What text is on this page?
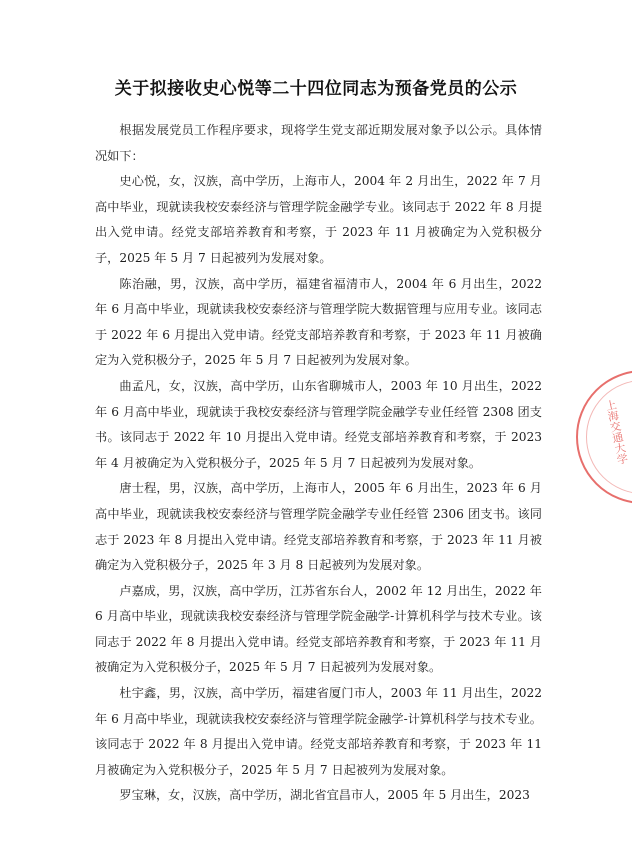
关于拟接收史心悦等二十四位同志为预备党员的公示

根据发展党员工作程序要求，现将学生党支部近期发展对象予以公示。具体情况如下：

史心悦，女，汉族，高中学历，上海市人，2004 年 2 月出生，2022 年 7 月高中毕业，现就读我校安泰经济与管理学院金融学专业。该同志于 2022 年 8 月提出入党申请。经党支部培养教育和考察，于 2023 年 11 月被确定为入党积极分子，2025 年 5 月 7 日起被列为发展对象。

陈治融，男，汉族，高中学历，福建省福清市人，2004 年 6 月出生，2022 年 6 月高中毕业，现就读我校安泰经济与管理学院大数据管理与应用专业。该同志于 2022 年 6 月提出入党申请。经党支部培养教育和考察，于 2023 年 11 月被确定为入党积极分子，2025 年 5 月 7 日起被列为发展对象。

曲孟凡，女，汉族，高中学历，山东省聊城市人，2003 年 10 月出生，2022 年 6 月高中毕业，现就读于我校安泰经济与管理学院金融学专业任经管 2308 团支书。该同志于 2022 年 10 月提出入党申请。经党支部培养教育和考察，于 2023 年 4 月被确定为入党积极分子，2025 年 5 月 7 日起被列为发展对象。

唐士程，男，汉族，高中学历，上海市人，2005 年 6 月出生，2023 年 6 月高中毕业，现就读我校安泰经济与管理学院金融学专业任经管 2306 团支书。该同志于 2023 年 8 月提出入党申请。经党支部培养教育和考察，于 2023 年 11 月被确定为入党积极分子，2025 年 3 月 8 日起被列为发展对象。

卢嘉成，男，汉族，高中学历，江苏省东台人，2002 年 12 月出生，2022 年 6 月高中毕业，现就读我校安泰经济与管理学院金融学-计算机科学与技术专业。该同志于 2022 年 8 月提出入党申请。经党支部培养教育和考察，于 2023 年 11 月被确定为入党积极分子，2025 年 5 月 7 日起被列为发展对象。

杜宇鑫，男，汉族，高中学历，福建省厦门市人，2003 年 11 月出生，2022 年 6 月高中毕业，现就读我校安泰经济与管理学院金融学-计算机科学与技术专业。该同志于 2022 年 8 月提出入党申请。经党支部培养教育和考察，于 2023 年 11 月被确定为入党积极分子，2025 年 5 月 7 日起被列为发展对象。

罗宝琳，女，汉族，高中学历，湖北省宜昌市人，2005 年 5 月出生，2023

上海交通大学
